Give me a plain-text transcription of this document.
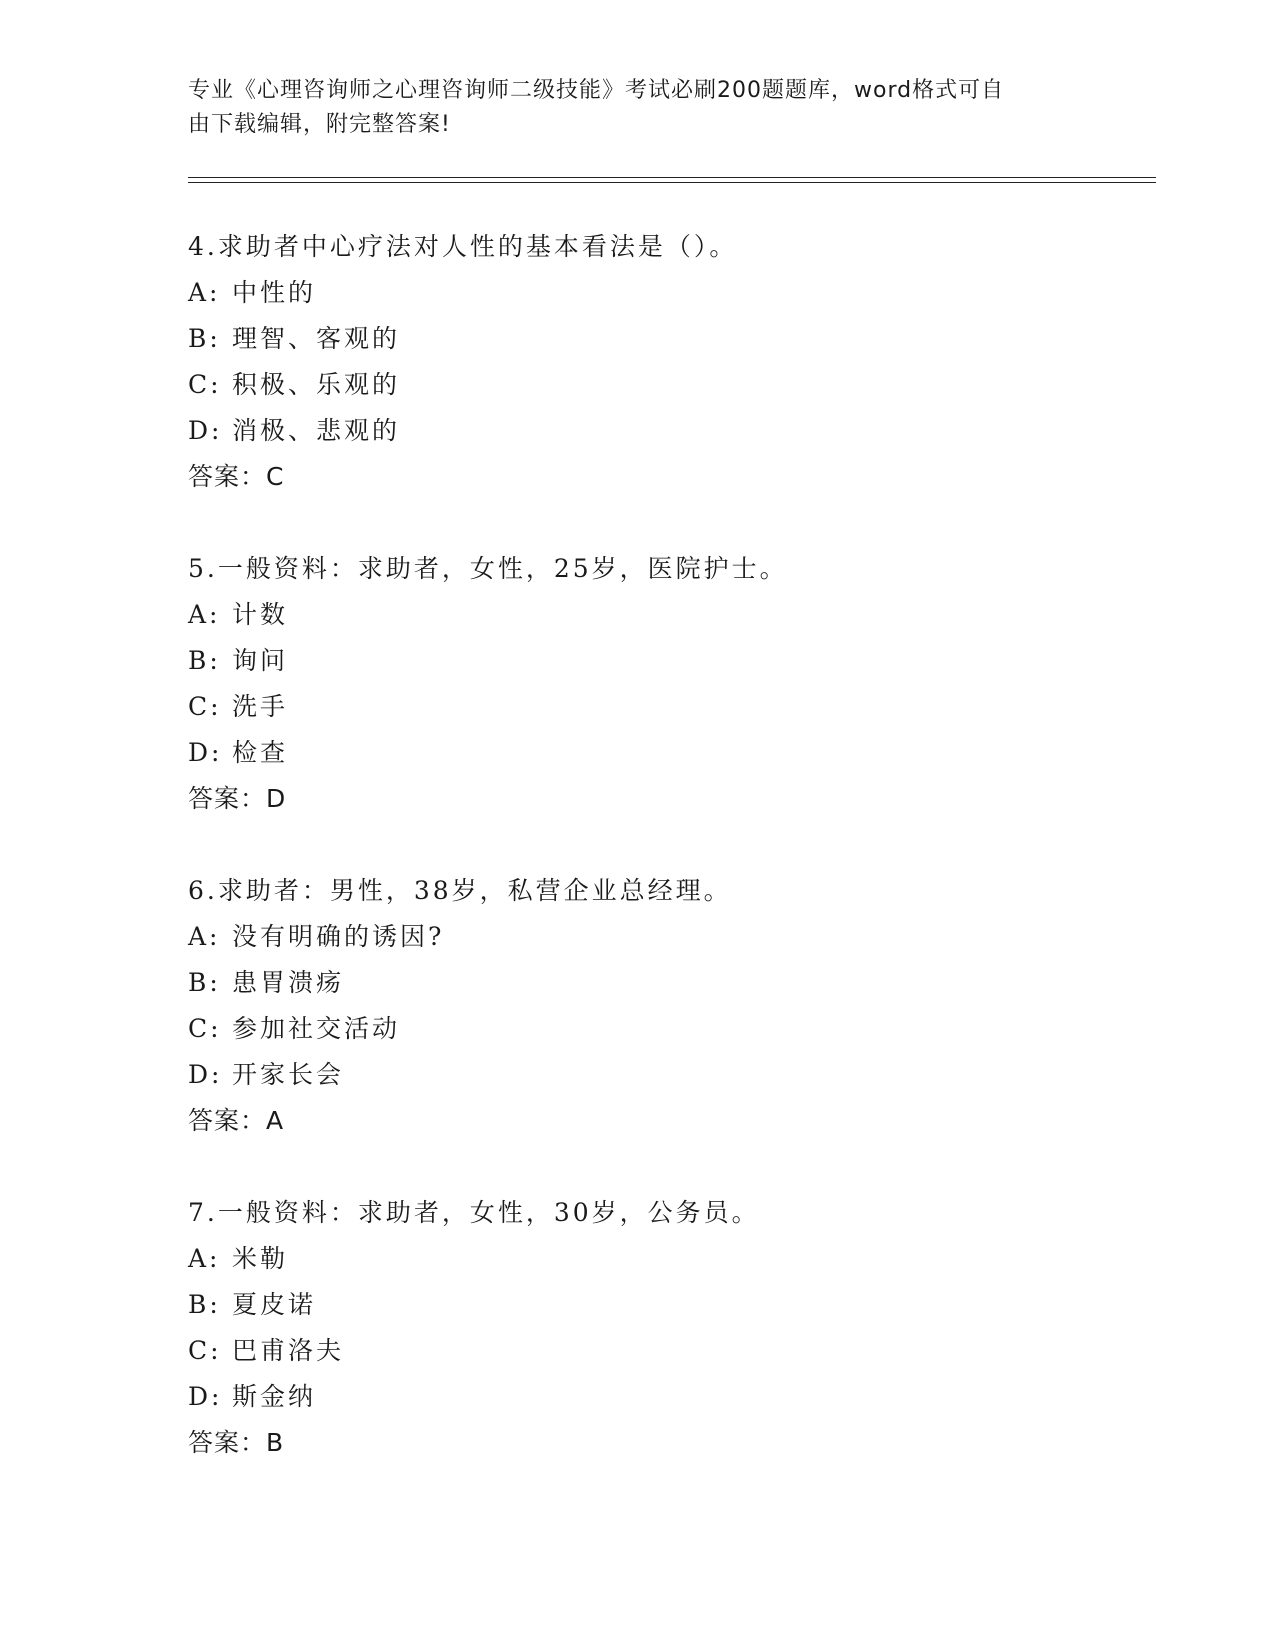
专业《心理咨询师之心理咨询师二级技能》考试必刷200题题库，word格式可自
由下载编辑，附完整答案!
4.求助者中心疗法对人性的基本看法是（）。
A: 中性的
B: 理智、客观的
C: 积极、乐观的
D: 消极、悲观的
答案：C
5.一般资料：求助者，女性，25岁，医院护士。
A: 计数
B: 询问
C: 洗手
D: 检查
答案：D
6.求助者：男性，38岁，私营企业总经理。
A: 没有明确的诱因?
B: 患胃溃疡
C: 参加社交活动
D: 开家长会
答案：A
7.一般资料：求助者，女性，30岁，公务员。
A: 米勒
B: 夏皮诺
C: 巴甫洛夫
D: 斯金纳
答案：B
